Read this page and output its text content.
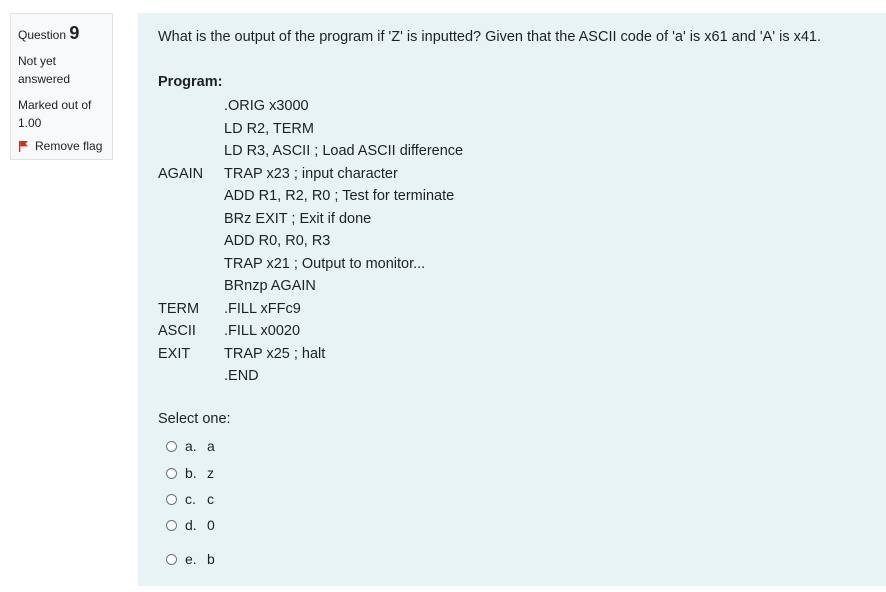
Question 9
Not yet answered
Marked out of 1.00
Remove flag
What is the output of the program if 'Z' is inputted? Given that the ASCII code of 'a' is x61 and 'A' is x41.
Program:
.ORIG x3000
LD R2, TERM
LD R3, ASCII ; Load ASCII difference
AGAIN TRAP x23 ; input character
ADD R1, R2, R0 ; Test for terminate
BRz EXIT ; Exit if done
ADD R0, R0, R3
TRAP x21 ; Output to monitor...
BRnzp AGAIN
TERM .FILL xFFc9
ASCII .FILL x0020
EXIT TRAP x25 ; halt
.END
Select one:
a. a
b. z
c. c
d. 0
e. b
